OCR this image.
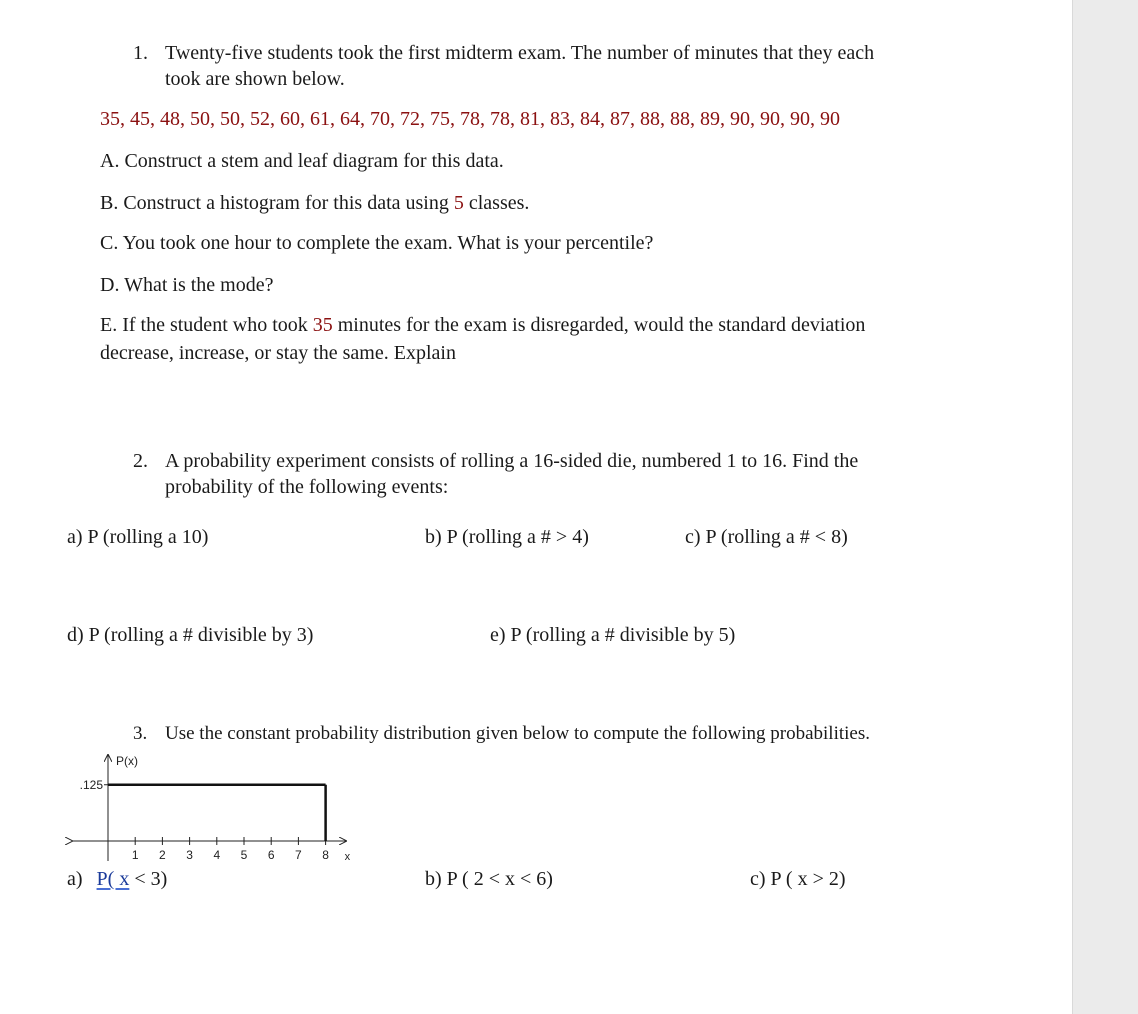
1. Twenty-five students took the first midterm exam. The number of minutes that they each
took are shown below.
35, 45, 48, 50, 50, 52, 60, 61, 64, 70, 72, 75, 78, 78, 81, 83, 84, 87, 88, 88, 89, 90, 90, 90, 90
A. Construct a stem and leaf diagram for this data.
B. Construct a histogram for this data using 5 classes.
C. You took one hour to complete the exam. What is your percentile?
D. What is the mode?
E. If the student who took 35 minutes for the exam is disregarded, would the standard deviation
decrease, increase, or stay the same. Explain
2. A probability experiment consists of rolling a 16-sided die, numbered 1 to 16. Find the
probability of the following events:
a) P (rolling a 10)	b) P (rolling a # > 4)	c) P (rolling a # < 8)
d) P (rolling a # divisible by 3)	e) P (rolling a # divisible by 5)
3. Use the constant probability distribution given below to compute the following probabilities.
P(x)
.125
1 2 3 4 5 6 7 8 x
a) P( x < 3)	b) P ( 2 < x < 6)	c) P ( x > 2)
